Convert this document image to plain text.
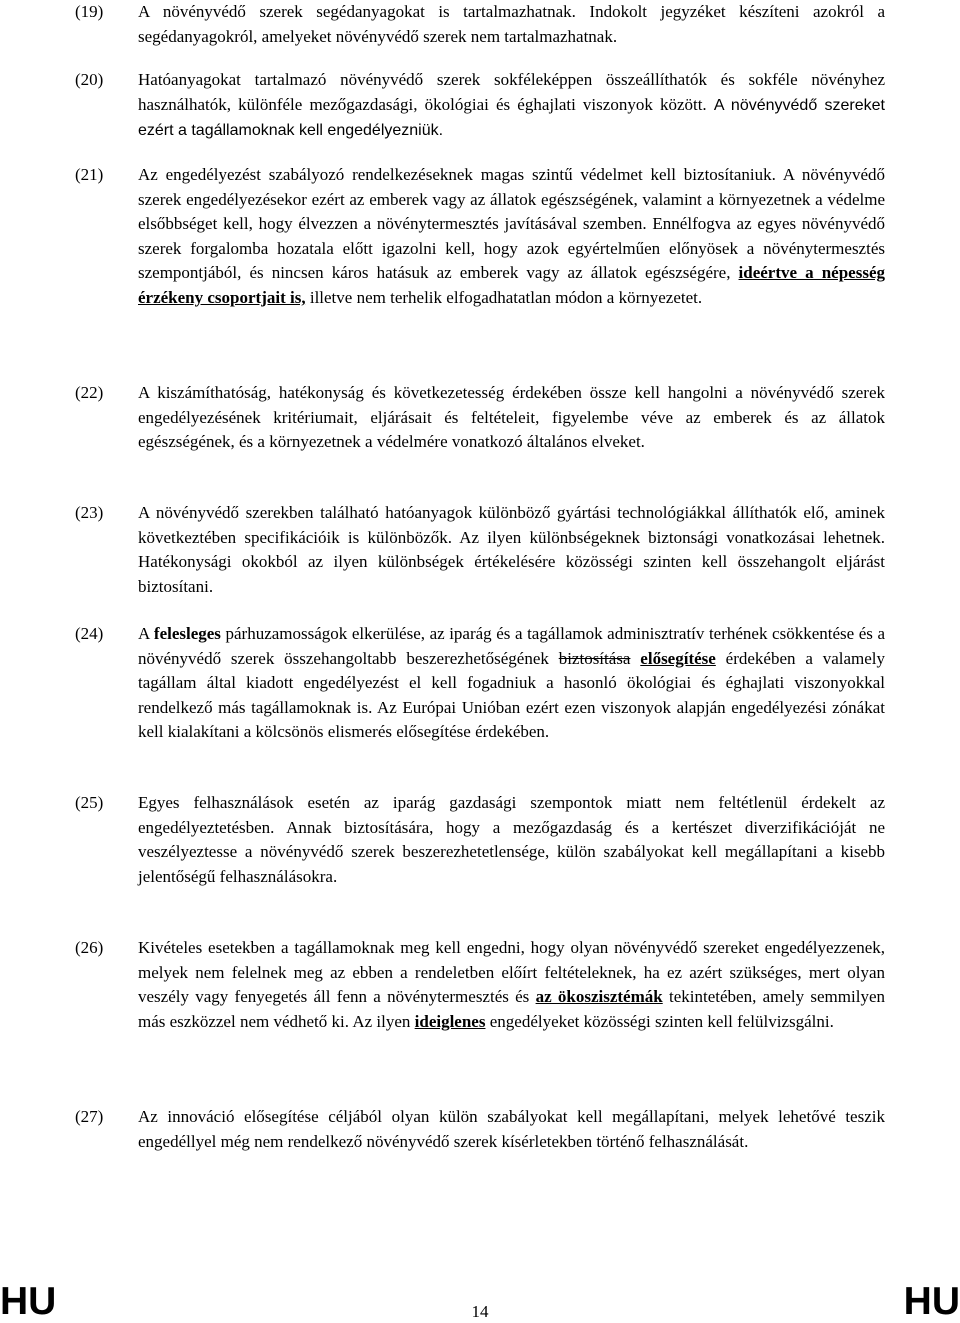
(19) A növényvédő szerek segédanyagokat is tartalmazhatnak. Indokolt jegyzéket készíteni azokról a segédanyagokról, amelyeket növényvédő szerek nem tartalmazhatnak.

(20) Hatóanyagokat tartalmazó növényvédő szerek sokféleképpen összeállíthatók és sokféle növényhez használhatók, különféle mezőgazdasági, ökológiai és éghajlati viszonyok között. A növényvédő szereket ezért a tagállamoknak kell engedélyezniük.

(21) Az engedélyezést szabályozó rendelkezéseknek magas szintű védelmet kell biztosítaniuk. A növényvédő szerek engedélyezésekor ezért az emberek vagy az állatok egészségének, valamint a környezetnek a védelme elsőbbséget kell, hogy élvezzen a növénytermesztés javításával szemben. Ennélfogva az egyes növényvédő szerek forgalomba hozatala előtt igazolni kell, hogy azok egyértelműen előnyösek a növénytermesztés szempontjából, és nincsen káros hatásuk az emberek vagy az állatok egészségére, ideértve a népesség érzékeny csoportjait is, illetve nem terhelik elfogadhatatlan módon a környezetet.

(22) A kiszámíthatóság, hatékonyság és következetesség érdekében össze kell hangolni a növényvédő szerek engedélyezésének kritériumait, eljárásait és feltételeit, figyelembe véve az emberek és az állatok egészségének, és a környezetnek a védelmére vonatkozó általános elveket.

(23) A növényvédő szerekben található hatóanyagok különböző gyártási technológiákkal állíthatók elő, aminek következtében specifikációik is különbözők. Az ilyen különbségeknek biztonsági vonatkozásai lehetnek. Hatékonysági okokból az ilyen különbségek értékelésére közösségi szinten kell összehangolt eljárást biztosítani.

(24) A felesleges párhuzamosságok elkerülése, az iparág és a tagállamok adminisztratív terhének csökkentése és a növényvédő szerek összehangoltabb beszerezhetőségének biztosítása elősegítése érdekében a valamely tagállam által kiadott engedélyezést el kell fogadniuk a hasonló ökológiai és éghajlati viszonyokkal rendelkező más tagállamoknak is. Az Európai Unióban ezért ezen viszonyok alapján engedélyezési zónákat kell kialakítani a kölcsönös elismerés elősegítése érdekében.

(25) Egyes felhasználások esetén az iparág gazdasági szempontok miatt nem feltétlenül érdekelt az engedélyeztetésben. Annak biztosítására, hogy a mezőgazdaság és a kertészet diverzifikációját ne veszélyeztesse a növényvédő szerek beszerezhetetlensége, külön szabályokat kell megállapítani a kisebb jelentőségű felhasználásokra.

(26) Kivételes esetekben a tagállamoknak meg kell engedni, hogy olyan növényvédő szereket engedélyezzenek, melyek nem felelnek meg az ebben a rendeletben előírt feltételeknek, ha ez azért szükséges, mert olyan veszély vagy fenyegetés áll fenn a növénytermesztés és az ökoszisztémák tekintetében, amely semmilyen más eszközzel nem védhető ki. Az ilyen ideiglenes engedélyeket közösségi szinten kell felülvizsgálni.

(27) Az innováció elősegítése céljából olyan külön szabályokat kell megállapítani, melyek lehetővé teszik engedéllyel még nem rendelkező növényvédő szerek kísérletekben történő felhasználását.

HU	14	HU
